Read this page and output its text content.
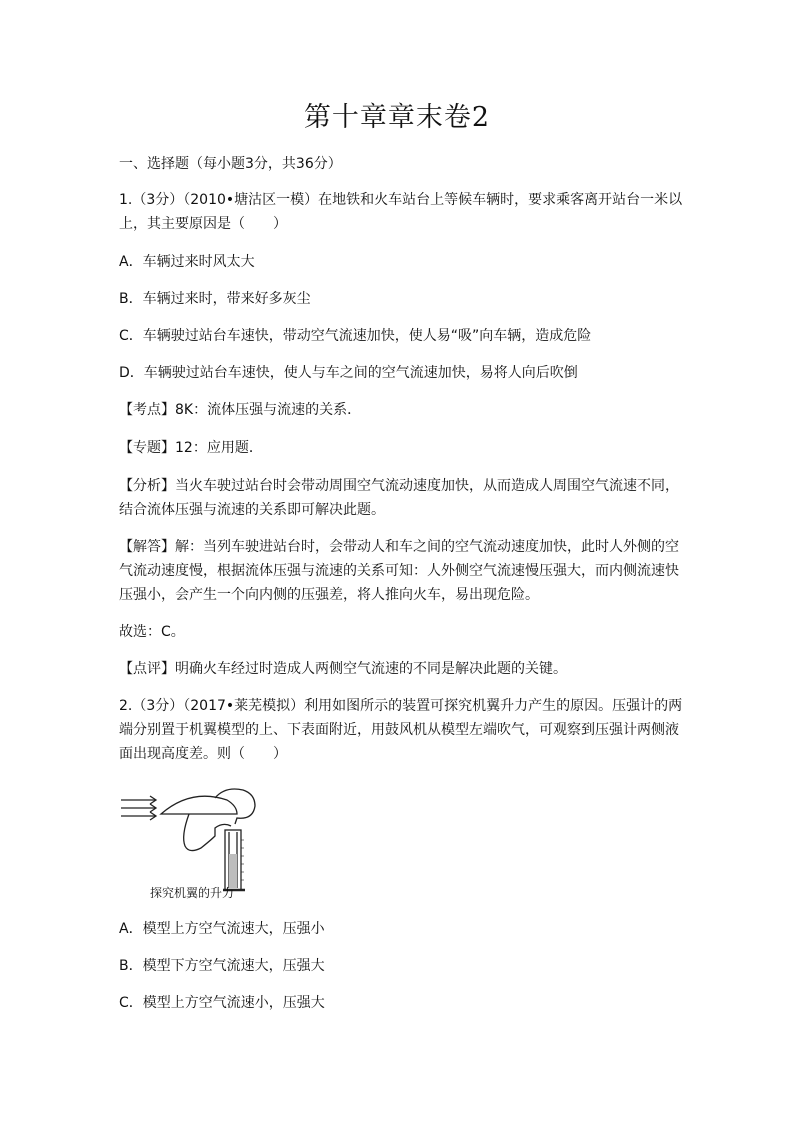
第十章章末卷2
一、选择题（每小题3分，共36分）
1.（3分）（2010•塘沽区一模）在地铁和火车站台上等候车辆时，要求乘客离开站台一米以
上，其主要原因是（　　）
A．车辆过来时风太大
B．车辆过来时，带来好多灰尘
C．车辆驶过站台车速快，带动空气流速加快，使人易“吸”向车辆，造成危险
D．车辆驶过站台车速快，使人与车之间的空气流速加快，易将人向后吹倒
【考点】8K：流体压强与流速的关系．
【专题】12：应用题．
【分析】当火车驶过站台时会带动周围空气流动速度加快，从而造成人周围空气流速不同，
结合流体压强与流速的关系即可解决此题。
【解答】解：当列车驶进站台时，会带动人和车之间的空气流动速度加快，此时人外侧的空
气流动速度慢，根据流体压强与流速的关系可知：人外侧空气流速慢压强大，而内侧流速快
压强小，会产生一个向内侧的压强差，将人推向火车，易出现危险。
故选：C。
【点评】明确火车经过时造成人两侧空气流速的不同是解决此题的关键。
2.（3分）（2017•莱芜模拟）利用如图所示的装置可探究机翼升力产生的原因。压强计的两
端分别置于机翼模型的上、下表面附近，用鼓风机从模型左端吹气，可观察到压强计两侧液
面出现高度差。则（　　）
探究机翼的升力
A．模型上方空气流速大，压强小
B．模型下方空气流速大，压强大
C．模型上方空气流速小，压强大
